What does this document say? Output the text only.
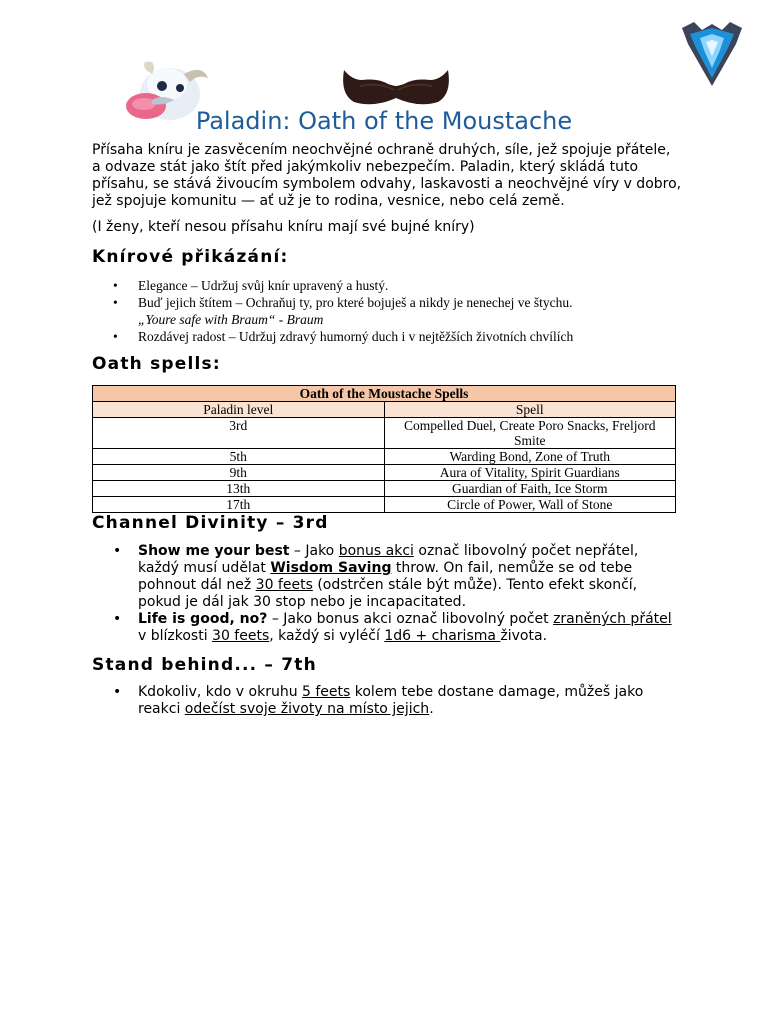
Paladin: Oath of the Moustache
Přísaha kníru je zasvěcením neochvějné ochraně druhých, síle, jež spojuje přátele, a odvaze stát jako štít před jakýmkoliv nebezpečím. Paladin, který skládá tuto přísahu, se stává živoucím symbolem odvahy, laskavosti a neochvějné víry v dobro, jež spojuje komunitu — ať už je to rodina, vesnice, nebo celá země.
(I ženy, kteří nesou přísahu kníru mají své bujné kníry)
Knírové přikázání:
• Elegance – Udržuj svůj knír upravený a hustý.
• Buď jejich štítem – Ochraňuj ty, pro které bojuješ a nikdy je nenechej ve štychu.
„Youre safe with Braum“ - Braum
• Rozdávej radost – Udržuj zdravý humorný duch i v nejtěžších životních chvílích
Oath spells:
Oath of the Moustache Spells	
Paladin level	Spell
3rd	Compelled Duel, Create Poro Snacks, Freljord Smite
5th	Warding Bond, Zone of Truth
9th	Aura of Vitality, Spirit Guardians
13th	Guardian of Faith, Ice Storm
17th	Circle of Power, Wall of Stone
Channel Divinity – 3rd
• Show me your best – Jako bonus akci označ libovolný počet nepřátel, každý musí udělat Wisdom Saving throw. On fail, nemůže se od tebe pohnout dál než 30 feets (odstrčen stále být může). Tento efekt skončí, pokud je dál jak 30 stop nebo je incapacitated.
• Life is good, no? – Jako bonus akci označ libovolný počet zraněných přátel v blízkosti 30 feets, každý si vyléčí 1d6 + charisma života.
Stand behind... – 7th
• Kdokoliv, kdo v okruhu 5 feets kolem tebe dostane damage, můžeš jako reakci odečíst svoje životy na místo jejich.
